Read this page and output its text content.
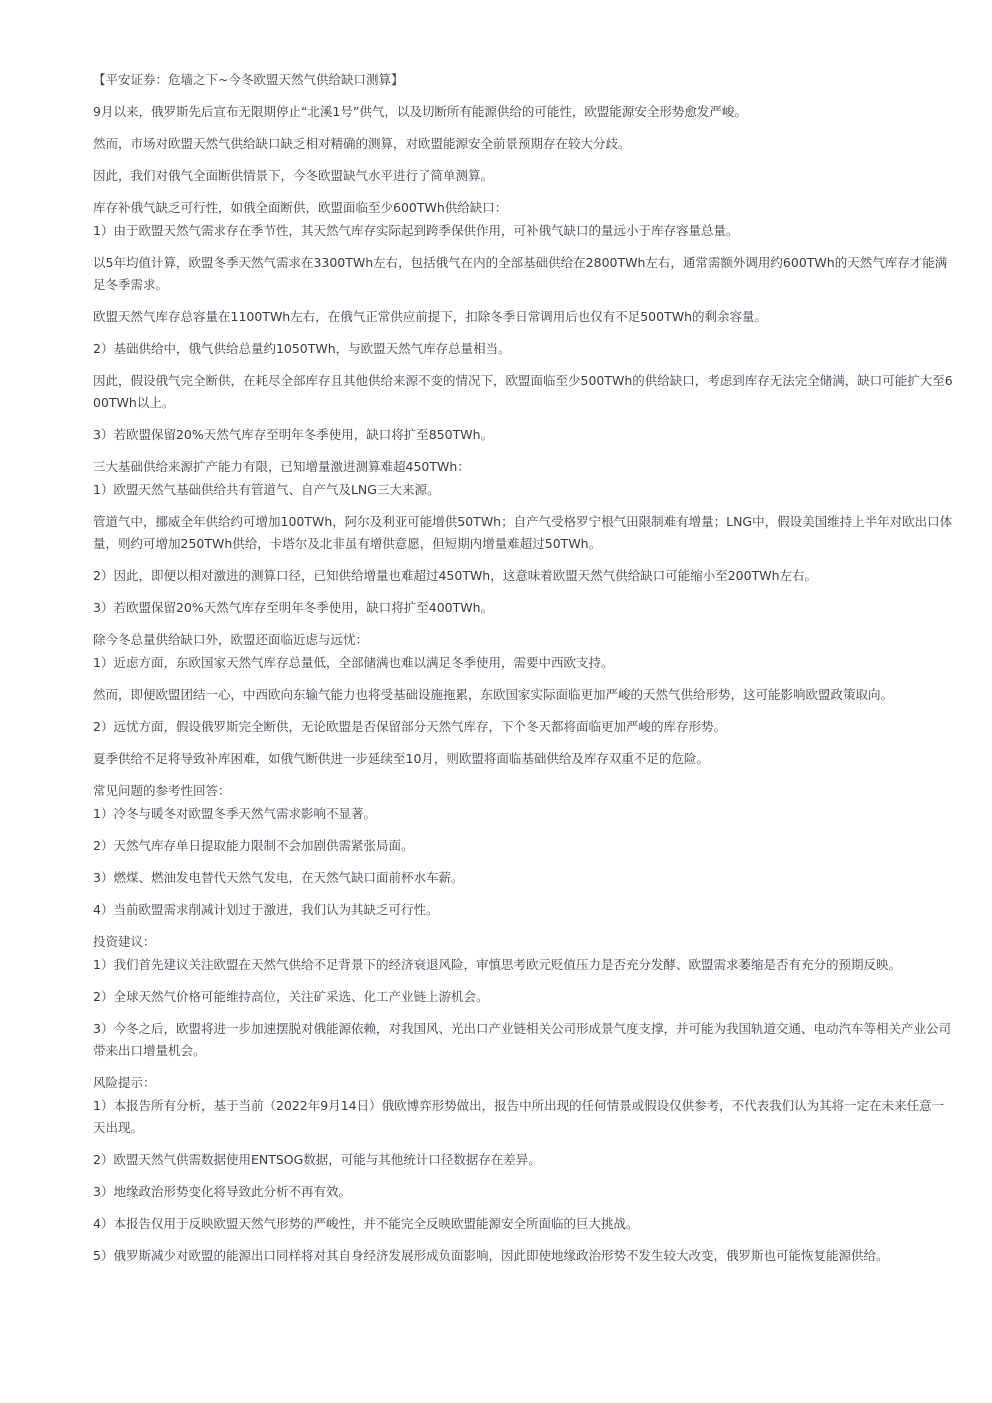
【平安证券：危墙之下~今冬欧盟天然气供给缺口测算】

9月以来，俄罗斯先后宣布无限期停止“北溪1号”供气，以及切断所有能源供给的可能性，欧盟能源安全形势愈发严峻。

然而，市场对欧盟天然气供给缺口缺乏相对精确的测算，对欧盟能源安全前景预期存在较大分歧。

因此，我们对俄气全面断供情景下，今冬欧盟缺气水平进行了简单测算。

库存补俄气缺乏可行性，如俄全面断供，欧盟面临至少600TWh供给缺口：

1）由于欧盟天然气需求存在季节性，其天然气库存实际起到跨季保供作用，可补俄气缺口的量远小于库存容量总量。

以5年均值计算，欧盟冬季天然气需求在3300TWh左右，包括俄气在内的全部基础供给在2800TWh左右，通常需额外调用约600TWh的天然气库存才能满足冬季需求。

欧盟天然气库存总容量在1100TWh左右，在俄气正常供应前提下，扣除冬季日常调用后也仅有不足500TWh的剩余容量。

2）基础供给中，俄气供给总量约1050TWh，与欧盟天然气库存总量相当。

因此，假设俄气完全断供，在耗尽全部库存且其他供给来源不变的情况下，欧盟面临至少500TWh的供给缺口，考虑到库存无法完全储满，缺口可能扩大至600TWh以上。

3）若欧盟保留20%天然气库存至明年冬季使用，缺口将扩至850TWh。

三大基础供给来源扩产能力有限，已知增量激进测算难超450TWh：

1）欧盟天然气基础供给共有管道气、自产气及LNG三大来源。

管道气中，挪威全年供给约可增加100TWh，阿尔及利亚可能增供50TWh；自产气受格罗宁根气田限制难有增量；LNG中，假设美国维持上半年对欧出口体量，则约可增加250TWh供给，卡塔尔及北非虽有增供意愿，但短期内增量难超过50TWh。

2）因此，即便以相对激进的测算口径，已知供给增量也难超过450TWh，这意味着欧盟天然气供给缺口可能缩小至200TWh左右。

3）若欧盟保留20%天然气库存至明年冬季使用，缺口将扩至400TWh。

除今冬总量供给缺口外，欧盟还面临近虑与远忧：

1）近虑方面，东欧国家天然气库存总量低，全部储满也难以满足冬季使用，需要中西欧支持。

然而，即便欧盟团结一心，中西欧向东输气能力也将受基础设施拖累，东欧国家实际面临更加严峻的天然气供给形势，这可能影响欧盟政策取向。

2）远忧方面，假设俄罗斯完全断供，无论欧盟是否保留部分天然气库存，下个冬天都将面临更加严峻的库存形势。

夏季供给不足将导致补库困难，如俄气断供进一步延续至10月，则欧盟将面临基础供给及库存双重不足的危险。

常见问题的参考性回答：

1）冷冬与暖冬对欧盟冬季天然气需求影响不显著。

2）天然气库存单日提取能力限制不会加剧供需紧张局面。

3）燃煤、燃油发电替代天然气发电，在天然气缺口面前杯水车薪。

4）当前欧盟需求削减计划过于激进，我们认为其缺乏可行性。

投资建议：

1）我们首先建议关注欧盟在天然气供给不足背景下的经济衰退风险，审慎思考欧元贬值压力是否充分发酵、欧盟需求萎缩是否有充分的预期反映。

2）全球天然气价格可能维持高位，关注矿采选、化工产业链上游机会。

3）今冬之后，欧盟将进一步加速摆脱对俄能源依赖，对我国风、光出口产业链相关公司形成景气度支撑，并可能为我国轨道交通、电动汽车等相关产业公司带来出口增量机会。

风险提示：

1）本报告所有分析，基于当前（2022年9月14日）俄欧博弈形势做出，报告中所出现的任何情景或假设仅供参考，不代表我们认为其将一定在未来任意一天出现。

2）欧盟天然气供需数据使用ENTSOG数据，可能与其他统计口径数据存在差异。

3）地缘政治形势变化将导致此分析不再有效。

4）本报告仅用于反映欧盟天然气形势的严峻性，并不能完全反映欧盟能源安全所面临的巨大挑战。

5）俄罗斯减少对欧盟的能源出口同样将对其自身经济发展形成负面影响，因此即使地缘政治形势不发生较大改变，俄罗斯也可能恢复能源供给。
